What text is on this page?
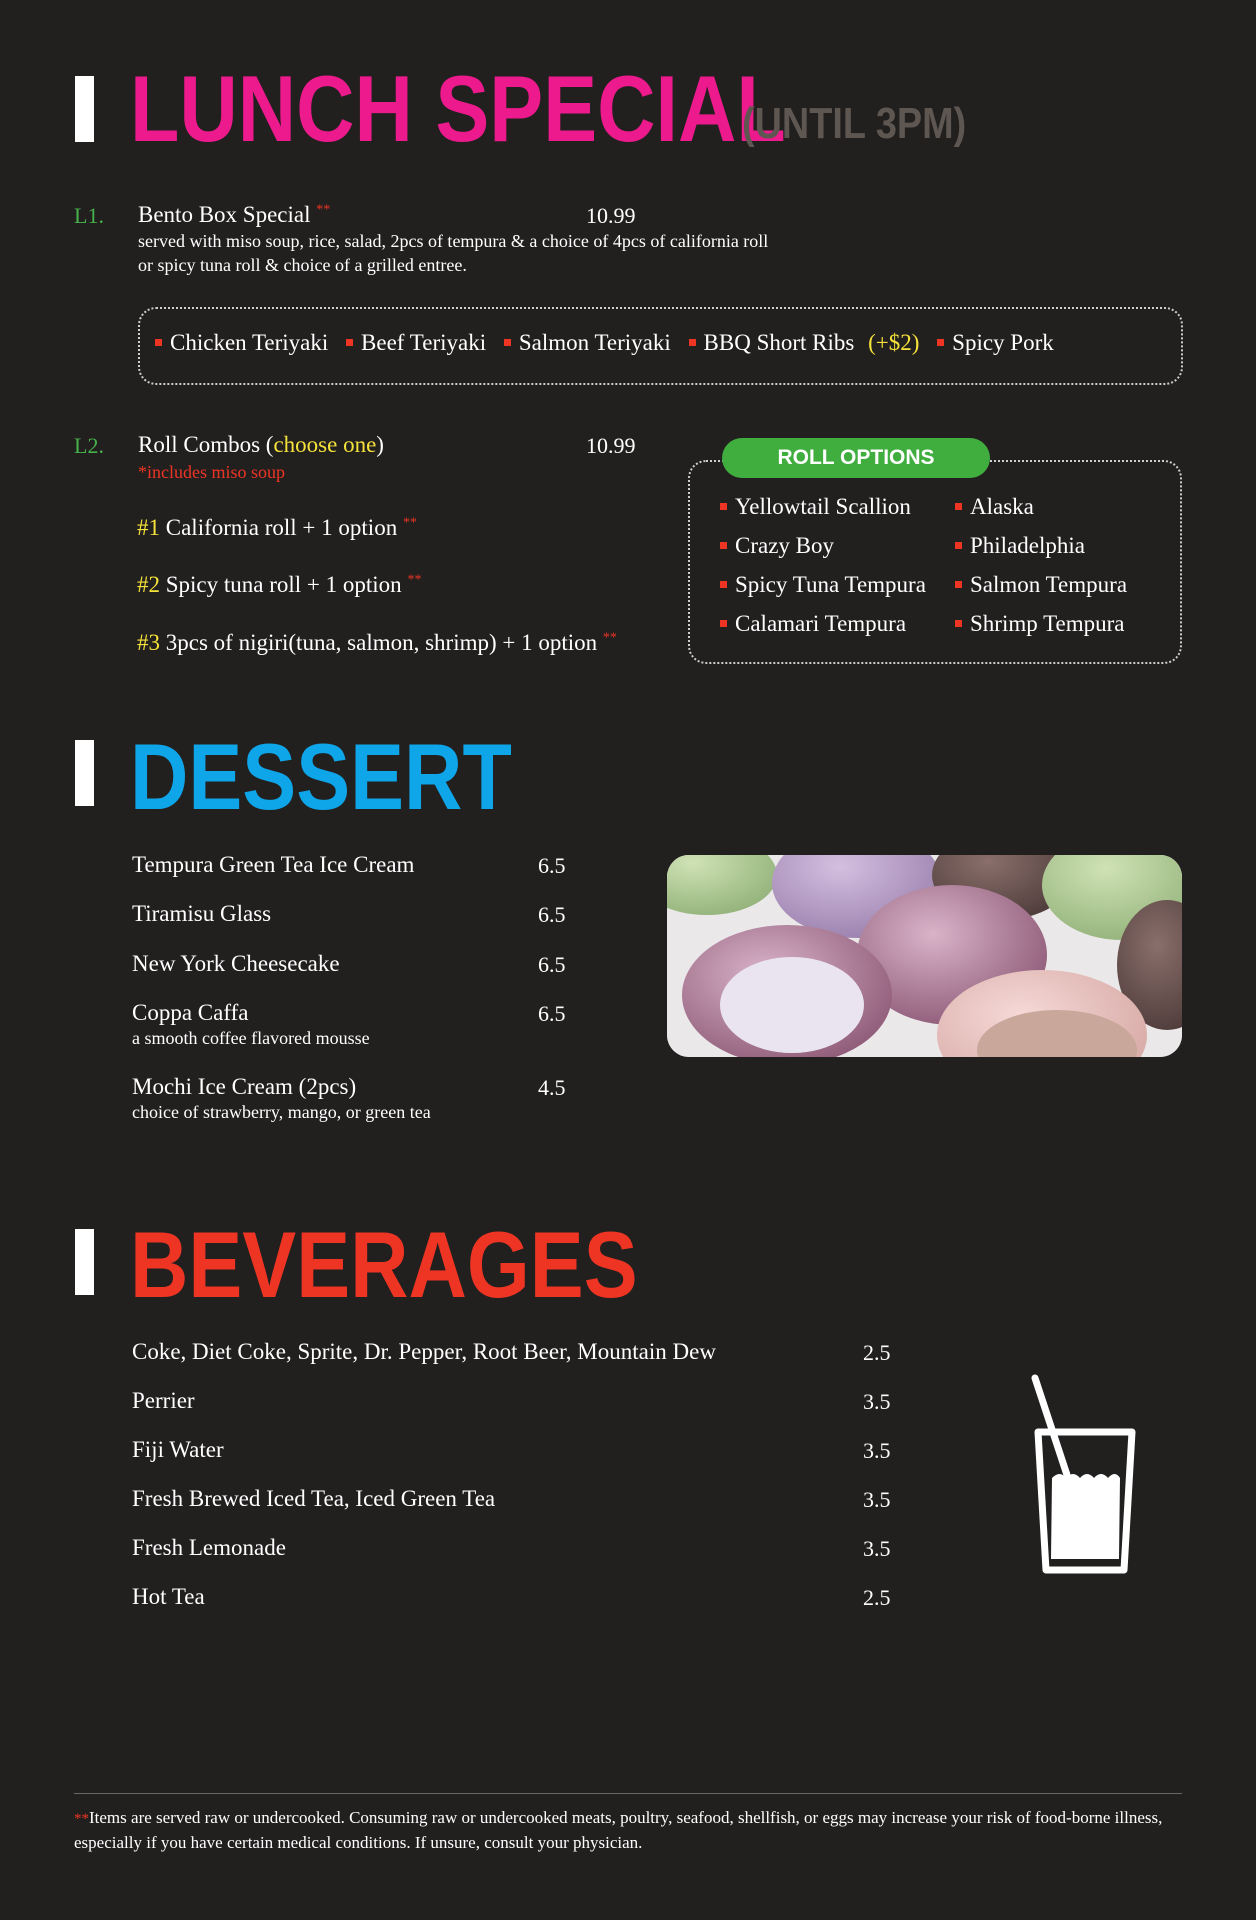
LUNCH SPECIAL
(UNTIL 3PM)
L1. Bento Box Special **	10.99
served with miso soup, rice, salad, 2pcs of tempura & a choice of 4pcs of california roll
or spicy tuna roll & choice of a grilled entree.
Chicken Teriyaki Beef Teriyaki Salmon Teriyaki BBQ Short Ribs (+$2) Spicy Pork
L2. Roll Combos (choose one)	10.99
*includes miso soup
#1 California roll + 1 option **
#2 Spicy tuna roll + 1 option **
#3 3pcs of nigiri(tuna, salmon, shrimp) + 1 option **
ROLL OPTIONS
Yellowtail Scallion
Crazy Boy
Spicy Tuna Tempura
Calamari Tempura
Alaska
Philadelphia
Salmon Tempura
Shrimp Tempura
DESSERT
Tempura Green Tea Ice Cream	6.5
Tiramisu Glass	6.5
New York Cheesecake	6.5
Coppa Caffa	6.5
a smooth coffee flavored mousse
Mochi Ice Cream (2pcs)	4.5
choice of strawberry, mango, or green tea
BEVERAGES
Coke, Diet Coke, Sprite, Dr. Pepper, Root Beer, Mountain Dew	2.5
Perrier	3.5
Fiji Water	3.5
Fresh Brewed Iced Tea, Iced Green Tea	3.5
Fresh Lemonade	3.5
Hot Tea	2.5
**Items are served raw or undercooked. Consuming raw or undercooked meats, poultry, seafood, shellfish, or eggs may increase your risk of food-borne illness, especially if you have certain medical conditions. If unsure, consult your physician.
